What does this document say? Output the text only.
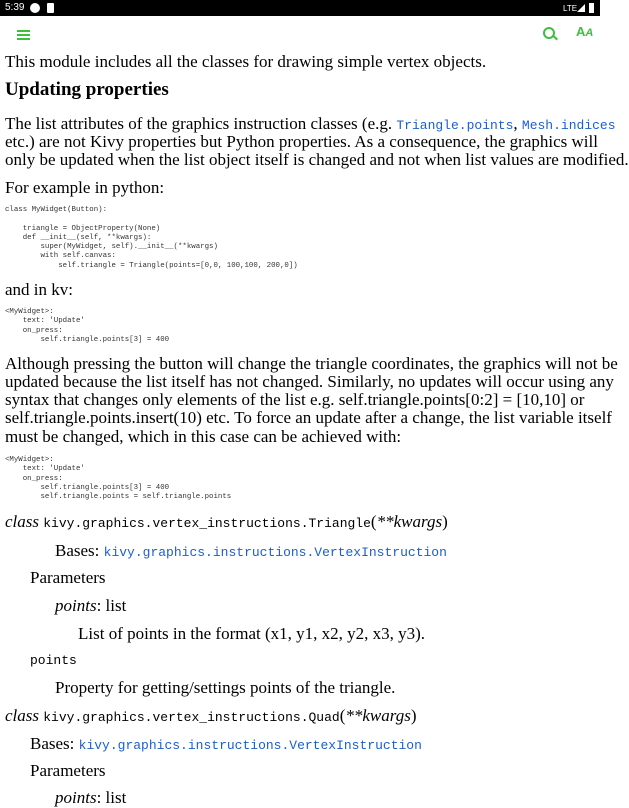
5:39	LTE
AA
This module includes all the classes for drawing simple vertex objects.
Updating properties
The list attributes of the graphics instruction classes (e.g. Triangle.points, Mesh.indices
etc.) are not Kivy properties but Python properties. As a consequence, the graphics will
only be updated when the list object itself is changed and not when list values are modified.
For example in python:
class MyWidget(Button):

triangle = ObjectProperty(None)
def __init__(self, **kwargs):
super(MyWidget, self).__init__(**kwargs)
with self.canvas:
self.triangle = Triangle(points=[0,0, 100,100, 200,0])
and in kv:
<MyWidget>:
text: 'Update'
on_press:
self.triangle.points[3] = 400
Although pressing the button will change the triangle coordinates, the graphics will not be
updated because the list itself has not changed. Similarly, no updates will occur using any
syntax that changes only elements of the list e.g. self.triangle.points[0:2] = [10,10] or
self.triangle.points.insert(10) etc. To force an update after a change, the list variable itself
must be changed, which in this case can be achieved with:
<MyWidget>:
text: 'Update'
on_press:
self.triangle.points[3] = 400
self.triangle.points = self.triangle.points
class kivy.graphics.vertex_instructions.Triangle(**kwargs)
Bases: kivy.graphics.instructions.VertexInstruction
Parameters
points: list
List of points in the format (x1, y1, x2, y2, x3, y3).
points
Property for getting/settings points of the triangle.
class kivy.graphics.vertex_instructions.Quad(**kwargs)
Bases: kivy.graphics.instructions.VertexInstruction
Parameters
points: list
